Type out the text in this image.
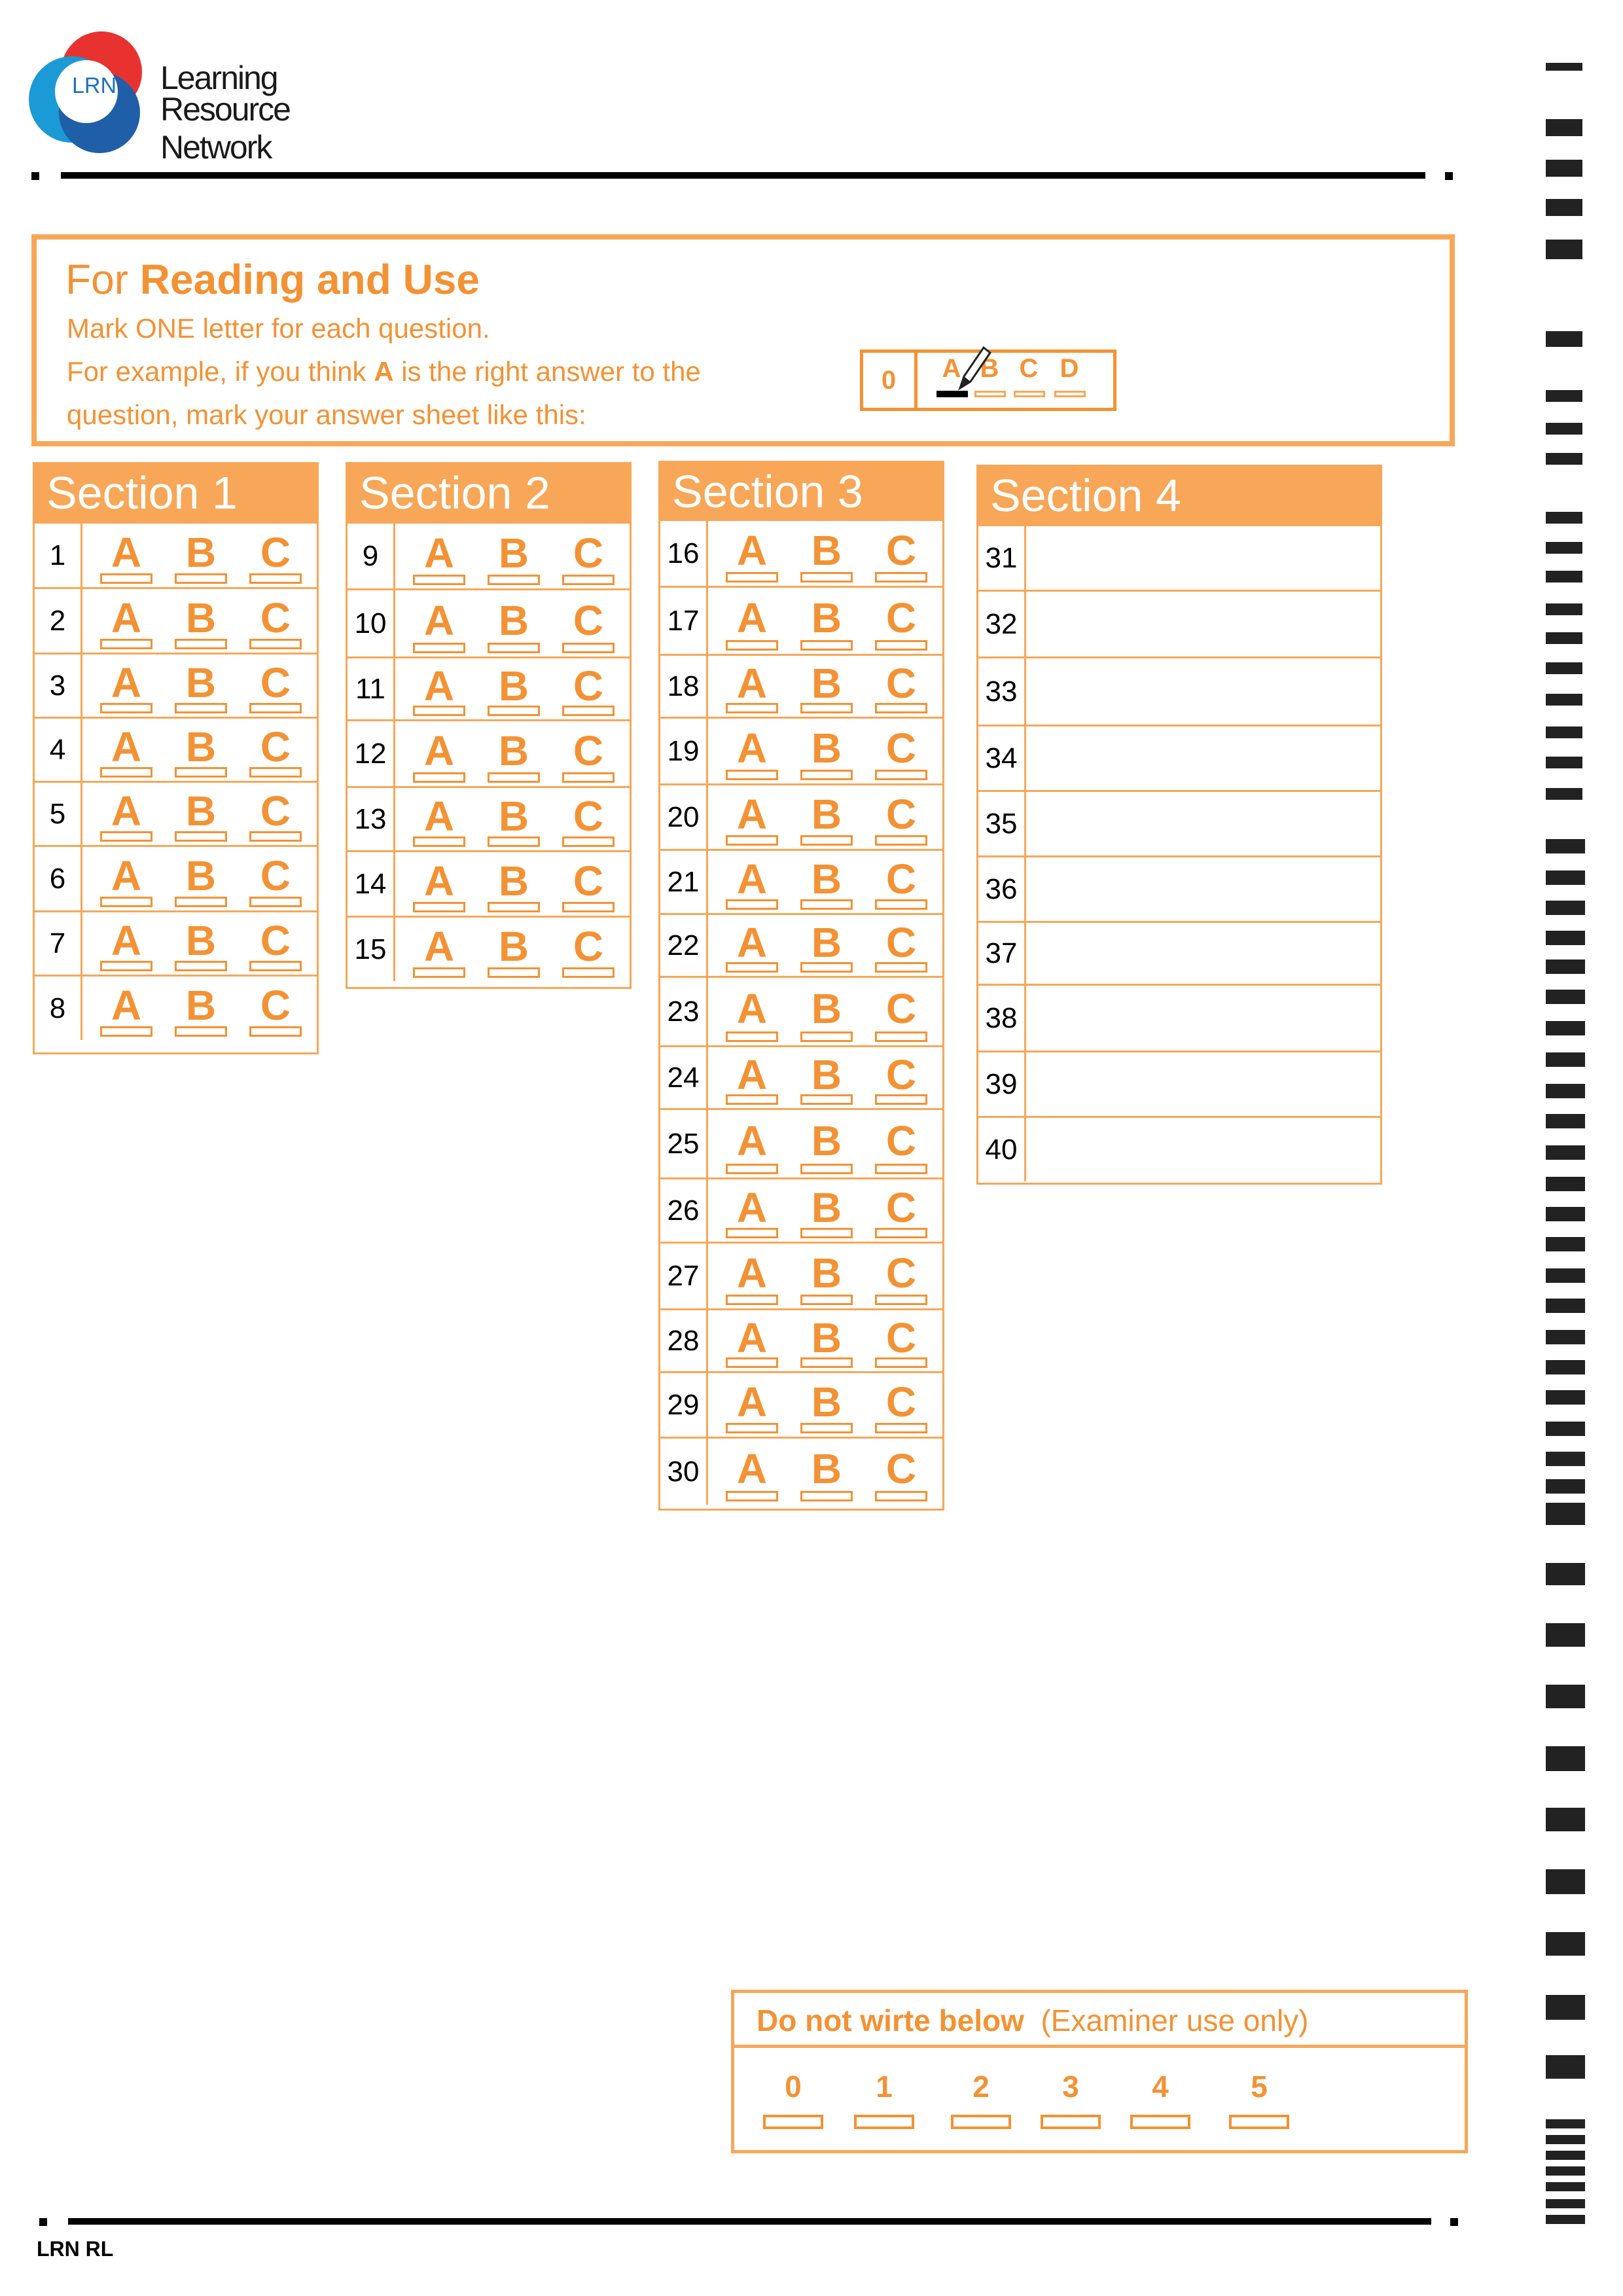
LRN Learning
Resource Network
For Reading and Use
Mark ONE letter for each question.
For example, if you think A is the right answer to the
question, mark your answer sheet like this:
0	A B C D
Section 1
1	A B C
2	A B C
3	A B C
4	A B C
5	A B C
6	A B C
7	A B C
8	A B C
Section 2
9	A B C
10 A B C
11 A B C
12 A B C
13 A B C
14 A B C
15 A B C
Section 3
16 A B C
17 A B C
18 A B C
19 A B C
20 A B C
21 A B C
22 A B C
23 A B C
24 A B C
25 A B C
26 A B C
27 A B C
28 A B C
29 A B C
30 A B C
Section 4
31
32
33
34
35
36
37
38
39
40
Do not wirte below (Examiner use only)
0	1	2	3	4	5
LRN RL
